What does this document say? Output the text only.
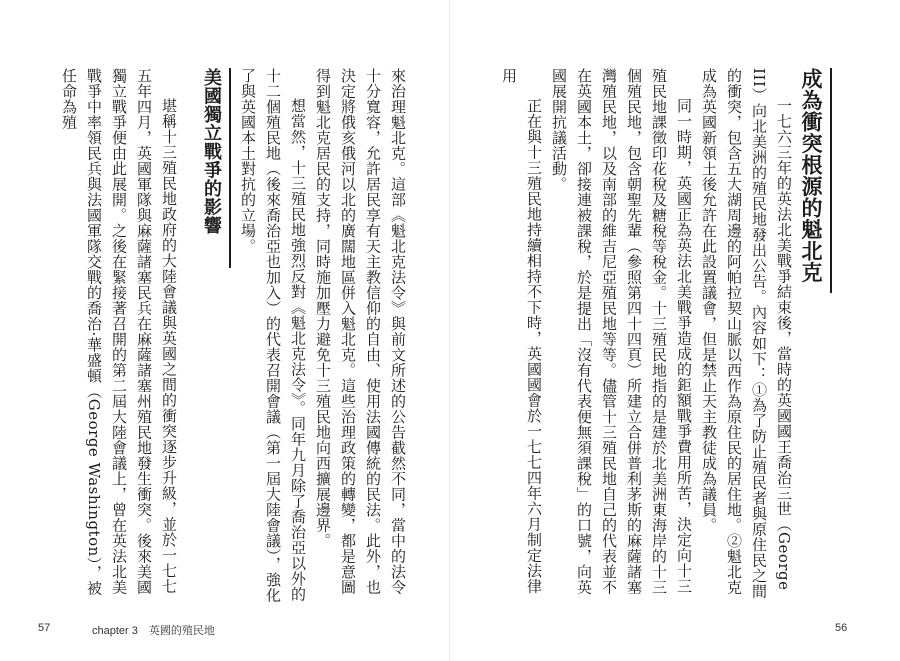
來治理魁北克。這部《魁北克法令》與前文所述的公告截然不同，當中的法令十分寬容，允許居民享有天主教信仰的自由、使用法國傳統的民法。此外，也決定將俄亥俄河以北的廣闊地區併入魁北克。這些治理政策的轉變，都是意圖得到魁北克居民的支持，同時施加壓力避免十三殖民地向西擴展邊界。

想當然，十三殖民地強烈反對《魁北克法令》。同年九月除了喬治亞以外的十二個殖民地（後來喬治亞也加入）的代表召開會議（第一屆大陸會議），強化了與英國本土對抗的立場。

美國獨立戰爭的影響

堪稱十三殖民地政府的大陸會議與英國之間的衝突逐步升級，並於一七七五年四月，英國軍隊與麻薩諸塞民兵在麻薩諸塞州殖民地發生衝突。後來美國獨立戰爭便由此展開。之後在緊接著召開的第二屆大陸會議上，曾在英法北美戰爭中率領民兵與法國軍隊交戰的喬治·華盛頓（George Washington），被任命為殖

57	chapter 3　英國的殖民地
成為衝突根源的魁北克

一七六三年的英法北美戰爭結束後，當時的英國國王喬治三世（George III）向北美洲的殖民地發出公告。內容如下：①為了防止殖民者與原住民之間的衝突，包含五大湖周邊的阿帕拉契山脈以西作為原住民的居住地。②魁北克成為英國新領土後允許在此設置議會，但是禁止天主教徒成為議員。

同一時期，英國正為英法北美戰爭造成的鉅額戰爭費用所苦，決定向十三殖民地課徵印花稅及糖稅等稅金。十三殖民地指的是建於北美洲東海岸的十三個殖民地，包含朝聖先輩（參照第四十四頁）所建立合併普利茅斯的麻薩諸塞灣殖民地，以及南部的維吉尼亞殖民地等等。儘管十三殖民地自己的代表並不在英國本土，卻接連被課稅，於是提出「沒有代表便無須課稅」的口號，向英國展開抗議活動。

正在與十三殖民地持續相持不下時，英國國會於一七七四年六月制定法律用

56
